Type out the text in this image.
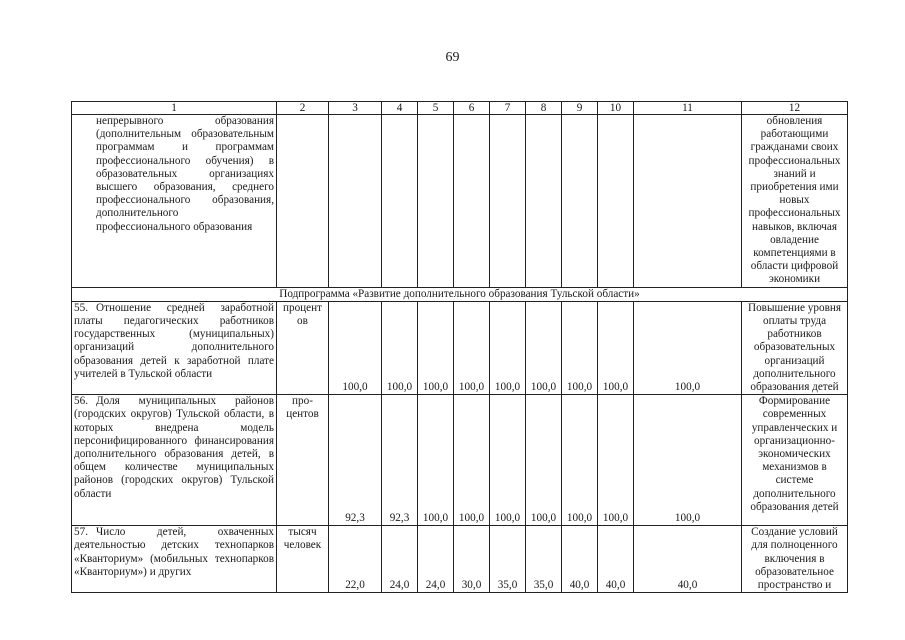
69
1	2	3	4	5	6	7	8	9	10	11	12
непрерывного образования (дополнительным образовательным программам и программам профессионального обучения) в образовательных организациях высшего образования, среднего профессионального образования, дополнительного профессионального образования											обновления работающими гражданами своих профессиональных знаний и приобретения ими новых профессиональных навыков, включая овладение компетенциями в области цифровой экономики
Подпрограмма «Развитие дополнительного образования Тульской области»											
55. Отношение средней заработной платы педагогических работников государственных (муниципальных) организаций дополнительного образования детей к заработной плате учителей в Тульской области	процент ов	100,0	100,0	100,0	100,0	100,0	100,0	100,0	100,0	100,0	Повышение уровня оплаты труда работников образовательных организаций дополнительного образования детей
56. Доля муниципальных районов (городских округов) Тульской области, в которых внедрена модель персонифицированного финансирования дополнительного образования детей, в общем количестве муниципальных районов (городских округов) Тульской области	про- центов	92,3	92,3	100,0	100,0	100,0	100,0	100,0	100,0	100,0	Формирование современных управленческих и организационно-экономических механизмов в системе дополнительного образования детей
57. Число детей, охваченных деятельностью детских технопарков «Кванториум» (мобильных технопарков «Кванториум») и других	тысяч человек	22,0	24,0	24,0	30,0	35,0	35,0	40,0	40,0	40,0	Создание условий для полноценного включения в образовательное пространство и
